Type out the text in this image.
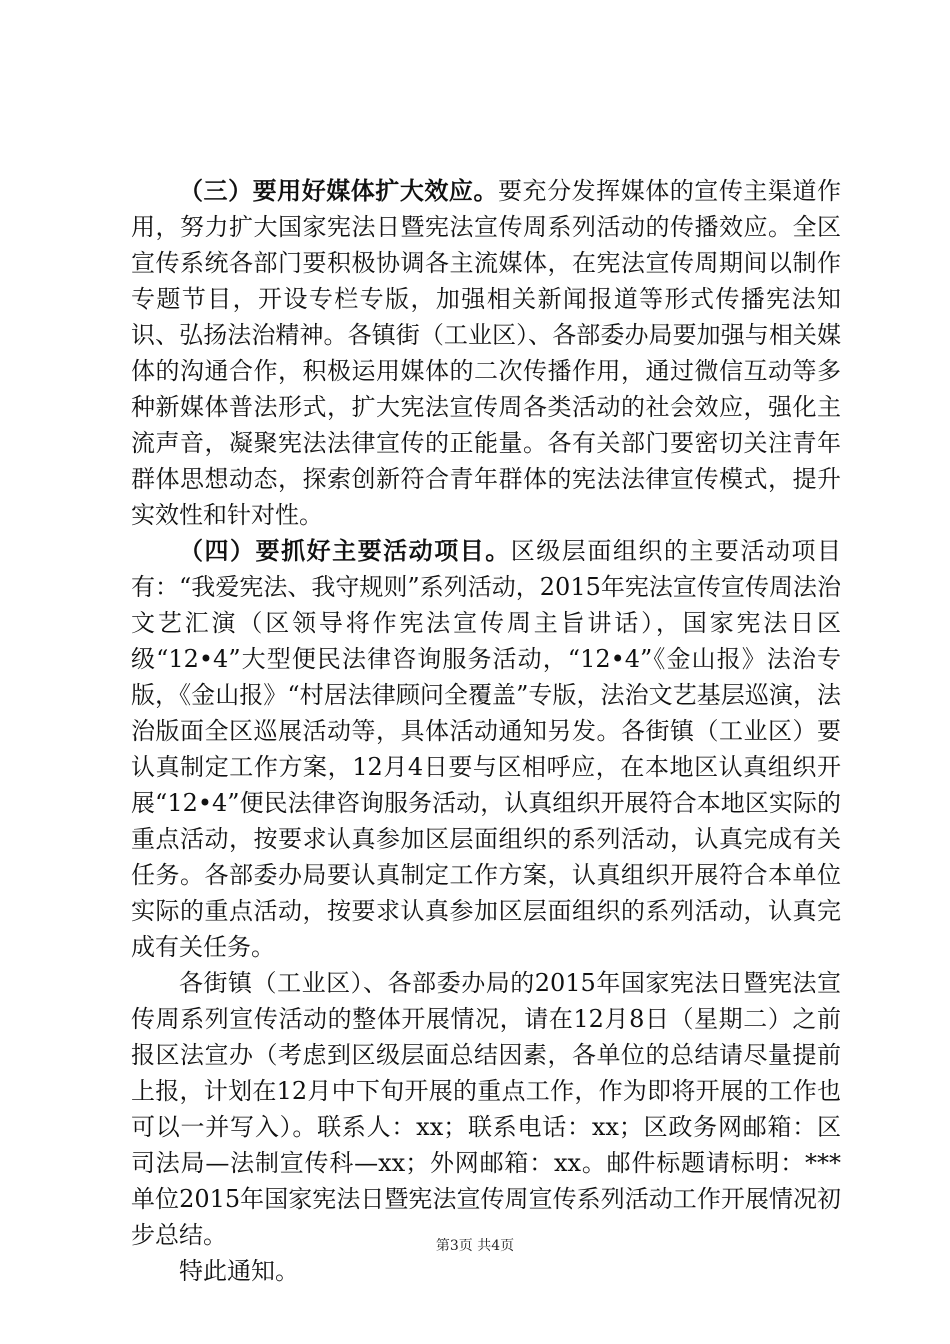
（三）要用好媒体扩大效应。要充分发挥媒体的宣传主渠道作用，努力扩大国家宪法日暨宪法宣传周系列活动的传播效应。全区宣传系统各部门要积极协调各主流媒体，在宪法宣传周期间以制作专题节目，开设专栏专版，加强相关新闻报道等形式传播宪法知识、弘扬法治精神。各镇街（工业区）、各部委办局要加强与相关媒体的沟通合作，积极运用媒体的二次传播作用，通过微信互动等多种新媒体普法形式，扩大宪法宣传周各类活动的社会效应，强化主流声音，凝聚宪法法律宣传的正能量。各有关部门要密切关注青年群体思想动态，探索创新符合青年群体的宪法法律宣传模式，提升实效性和针对性。

（四）要抓好主要活动项目。区级层面组织的主要活动项目有：“我爱宪法、我守规则”系列活动，2015年宪法宣传宣传周法治文艺汇演（区领导将作宪法宣传周主旨讲话），国家宪法日区级“12•4”大型便民法律咨询服务活动，“12•4”《金山报》法治专版，《金山报》“村居法律顾问全覆盖”专版，法治文艺基层巡演，法治版面全区巡展活动等，具体活动通知另发。各街镇（工业区）要认真制定工作方案，12月4日要与区相呼应，在本地区认真组织开展“12•4”便民法律咨询服务活动，认真组织开展符合本地区实际的重点活动，按要求认真参加区层面组织的系列活动，认真完成有关任务。各部委办局要认真制定工作方案，认真组织开展符合本单位实际的重点活动，按要求认真参加区层面组织的系列活动，认真完成有关任务。

各街镇（工业区）、各部委办局的2015年国家宪法日暨宪法宣传周系列宣传活动的整体开展情况，请在12月8日（星期二）之前报区法宣办（考虑到区级层面总结因素，各单位的总结请尽量提前上报，计划在12月中下旬开展的重点工作，作为即将开展的工作也可以一并写入）。联系人：xx；联系电话：xx；区政务网邮箱：区司法局—法制宣传科—xx；外网邮箱：xx。邮件标题请标明：***单位2015年国家宪法日暨宪法宣传周宣传系列活动工作开展情况初步总结。

特此通知。

第3页 共4页
